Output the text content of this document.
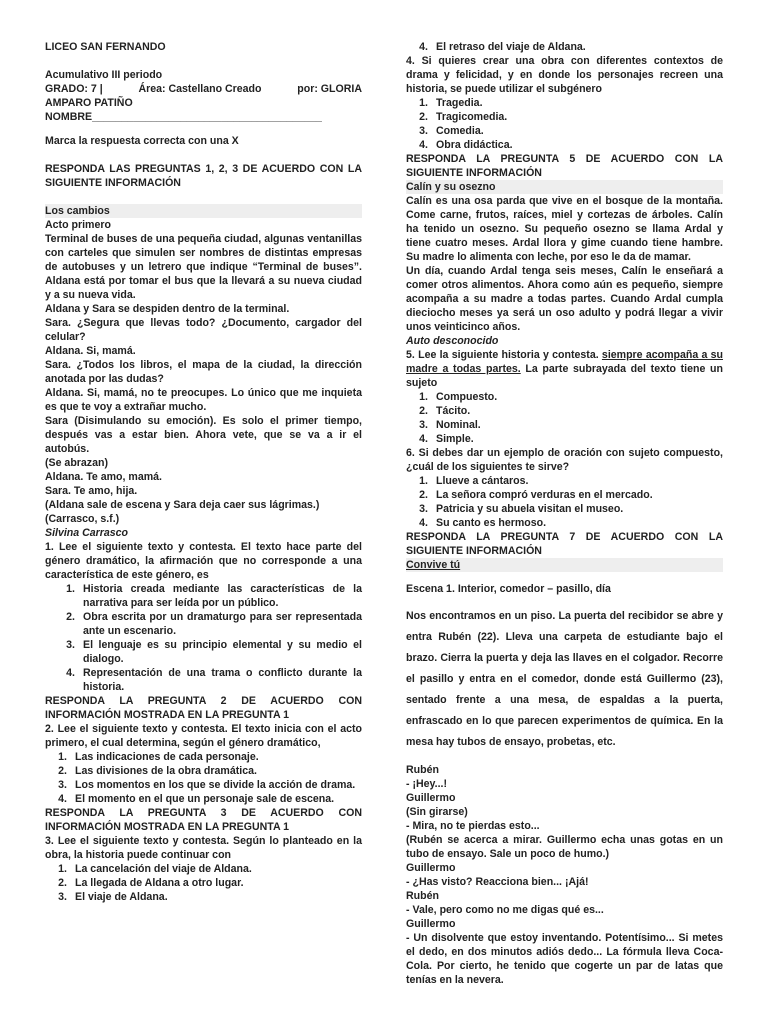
LICEO SAN FERNANDO

Acumulativo III periodo

GRADO: 7 |	Área: Castellano Creado	por: GLORIA

AMPARO PATIÑO

NOMBRE_______________________________________

Marca la respuesta correcta con una X

RESPONDA LAS PREGUNTAS 1, 2, 3 DE ACUERDO CON LA SIGUIENTE INFORMACIÓN

Los cambios

Acto primero

Terminal de buses de una pequeña ciudad, algunas ventanillas con carteles que simulen ser nombres de distintas empresas de autobuses y un letrero que indique “Terminal de buses”. Aldana está por tomar el bus que la llevará a su nueva ciudad y a su nueva vida.

Aldana y Sara se despiden dentro de la terminal.

Sara. ¿Segura que llevas todo? ¿Documento, cargador del celular?

Aldana. Si, mamá.

Sara. ¿Todos los libros, el mapa de la ciudad, la dirección anotada por las dudas?

Aldana. Si, mamá, no te preocupes. Lo único que me inquieta es que te voy a extrañar mucho.

Sara (Disimulando su emoción). Es solo el primer tiempo, después vas a estar bien. Ahora vete, que se va a ir el autobús.

(Se abrazan)

Aldana. Te amo, mamá.

Sara. Te amo, hija.

(Aldana sale de escena y Sara deja caer sus lágrimas.)

(Carrasco, s.f.)

Silvina Carrasco

1. Lee el siguiente texto y contesta. El texto hace parte del género dramático, la afirmación que no corresponde a una característica de este género, es

1. Historia creada mediante las características de la narrativa para ser leída por un público.
2. Obra escrita por un dramaturgo para ser representada ante un escenario.
3. El lenguaje es su principio elemental y su medio el dialogo.
4. Representación de una trama o conflicto durante la historia.

RESPONDA LA PREGUNTA 2 DE ACUERDO CON INFORMACIÓN MOSTRADA EN LA PREGUNTA 1

2. Lee el siguiente texto y contesta. El texto inicia con el acto primero, el cual determina, según el género dramático,

1. Las indicaciones de cada personaje.
2. Las divisiones de la obra dramática.
3. Los momentos en los que se divide la acción de drama.
4. El momento en el que un personaje sale de escena.

RESPONDA LA PREGUNTA 3 DE ACUERDO CON INFORMACIÓN MOSTRADA EN LA PREGUNTA 1

3. Lee el siguiente texto y contesta. Según lo planteado en la obra, la historia puede continuar con

1. La cancelación del viaje de Aldana.
2. La llegada de Aldana a otro lugar.
3. El viaje de Aldana.
4. El retraso del viaje de Aldana.

4. Si quieres crear una obra con diferentes contextos de drama y felicidad, y en donde los personajes recreen una historia, se puede utilizar el subgénero

1. Tragedia.
2. Tragicomedia.
3. Comedia.
4. Obra didáctica.

RESPONDA LA PREGUNTA 5 DE ACUERDO CON LA SIGUIENTE INFORMACIÓN

Calín y su osezno

Calín es una osa parda que vive en el bosque de la montaña. Come carne, frutos, raíces, miel y cortezas de árboles. Calín ha tenido un osezno. Su pequeño osezno se llama Ardal y tiene cuatro meses. Ardal llora y gime cuando tiene hambre. Su madre lo alimenta con leche, por eso le da de mamar.

Un día, cuando Ardal tenga seis meses, Calín le enseñará a comer otros alimentos. Ahora como aún es pequeño, siempre acompaña a su madre a todas partes. Cuando Ardal cumpla dieciocho meses ya será un oso adulto y podrá llegar a vivir unos veinticinco años.

Auto desconocido

5. Lee la siguiente historia y contesta. siempre acompaña a su madre a todas partes. La parte subrayada del texto tiene un sujeto

1. Compuesto.
2. Tácito.
3. Nominal.
4. Simple.

6. Si debes dar un ejemplo de oración con sujeto compuesto, ¿cuál de los siguientes te sirve?

1. Llueve a cántaros.
2. La señora compró verduras en el mercado.
3. Patricia y su abuela visitan el museo.
4. Su canto es hermoso.

RESPONDA LA PREGUNTA 7 DE ACUERDO CON LA SIGUIENTE INFORMACIÓN

Convive tú

Escena 1. Interior, comedor – pasillo, día

Nos encontramos en un piso. La puerta del recibidor se abre y entra Rubén (22). Lleva una carpeta de estudiante bajo el brazo. Cierra la puerta y deja las llaves en el colgador. Recorre el pasillo y entra en el comedor, donde está Guillermo (23), sentado frente a una mesa, de espaldas a la puerta, enfrascado en lo que parecen experimentos de química. En la mesa hay tubos de ensayo, probetas, etc.

Rubén

- ¡Hey...!

Guillermo

(Sin girarse)

- Mira, no te pierdas esto...

(Rubén se acerca a mirar. Guillermo echa unas gotas en un tubo de ensayo. Sale un poco de humo.)

Guillermo

- ¿Has visto? Reacciona bien... ¡Ajá!

Rubén

- Vale, pero como no me digas qué es...

Guillermo

- Un disolvente que estoy inventando. Potentísimo... Si metes el dedo, en dos minutos adiós dedo... La fórmula lleva Coca-Cola. Por cierto, he tenido que cogerte un par de latas que tenías en la nevera.
